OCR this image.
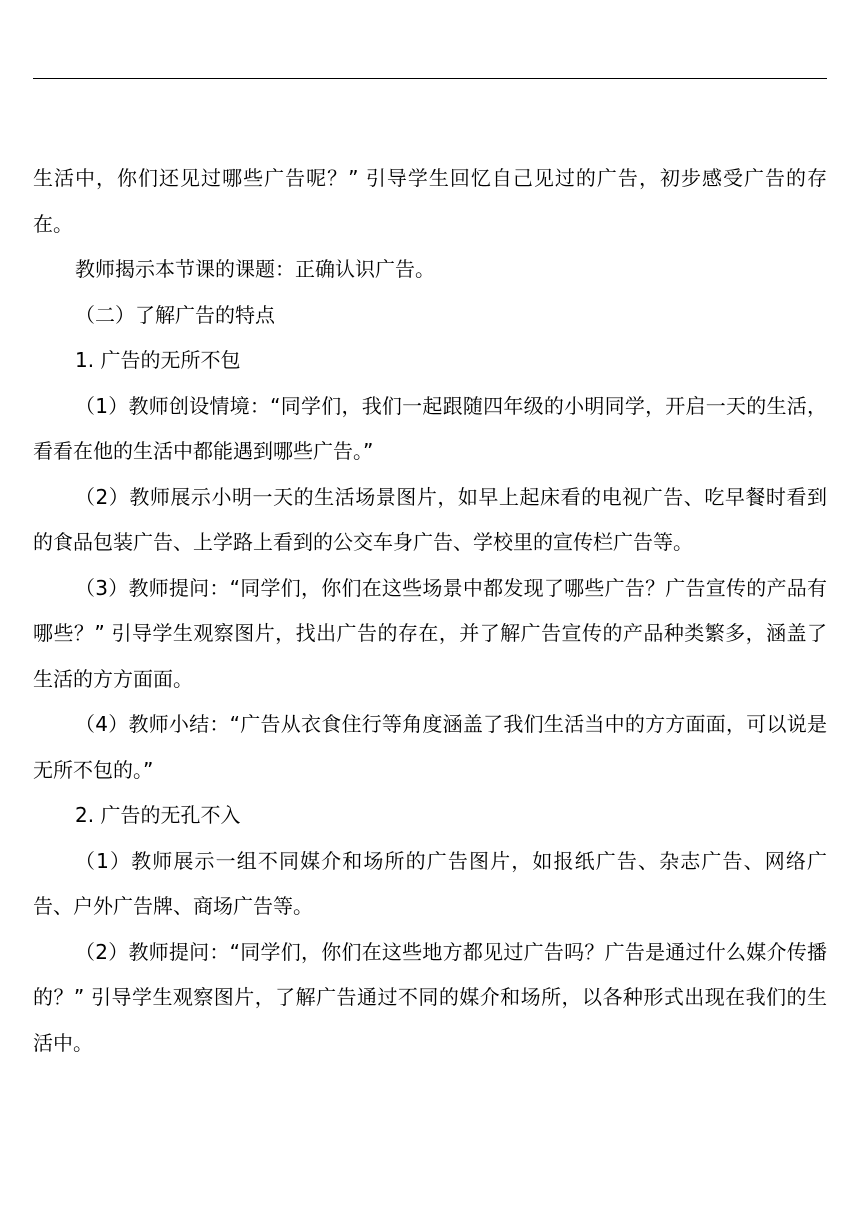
生活中，你们还见过哪些广告呢？” 引导学生回忆自己见过的广告，初步感受广告的存在。

教师揭示本节课的课题：正确认识广告。

（二）了解广告的特点

1. 广告的无所不包

（1）教师创设情境：“同学们，我们一起跟随四年级的小明同学，开启一天的生活，看看在他的生活中都能遇到哪些广告。”

（2）教师展示小明一天的生活场景图片，如早上起床看的电视广告、吃早餐时看到的食品包装广告、上学路上看到的公交车身广告、学校里的宣传栏广告等。

（3）教师提问：“同学们，你们在这些场景中都发现了哪些广告？广告宣传的产品有哪些？” 引导学生观察图片，找出广告的存在，并了解广告宣传的产品种类繁多，涵盖了生活的方方面面。

（4）教师小结：“广告从衣食住行等角度涵盖了我们生活当中的方方面面，可以说是无所不包的。”

2. 广告的无孔不入

（1）教师展示一组不同媒介和场所的广告图片，如报纸广告、杂志广告、网络广告、户外广告牌、商场广告等。

（2）教师提问：“同学们，你们在这些地方都见过广告吗？广告是通过什么媒介传播的？” 引导学生观察图片，了解广告通过不同的媒介和场所，以各种形式出现在我们的生活中。
